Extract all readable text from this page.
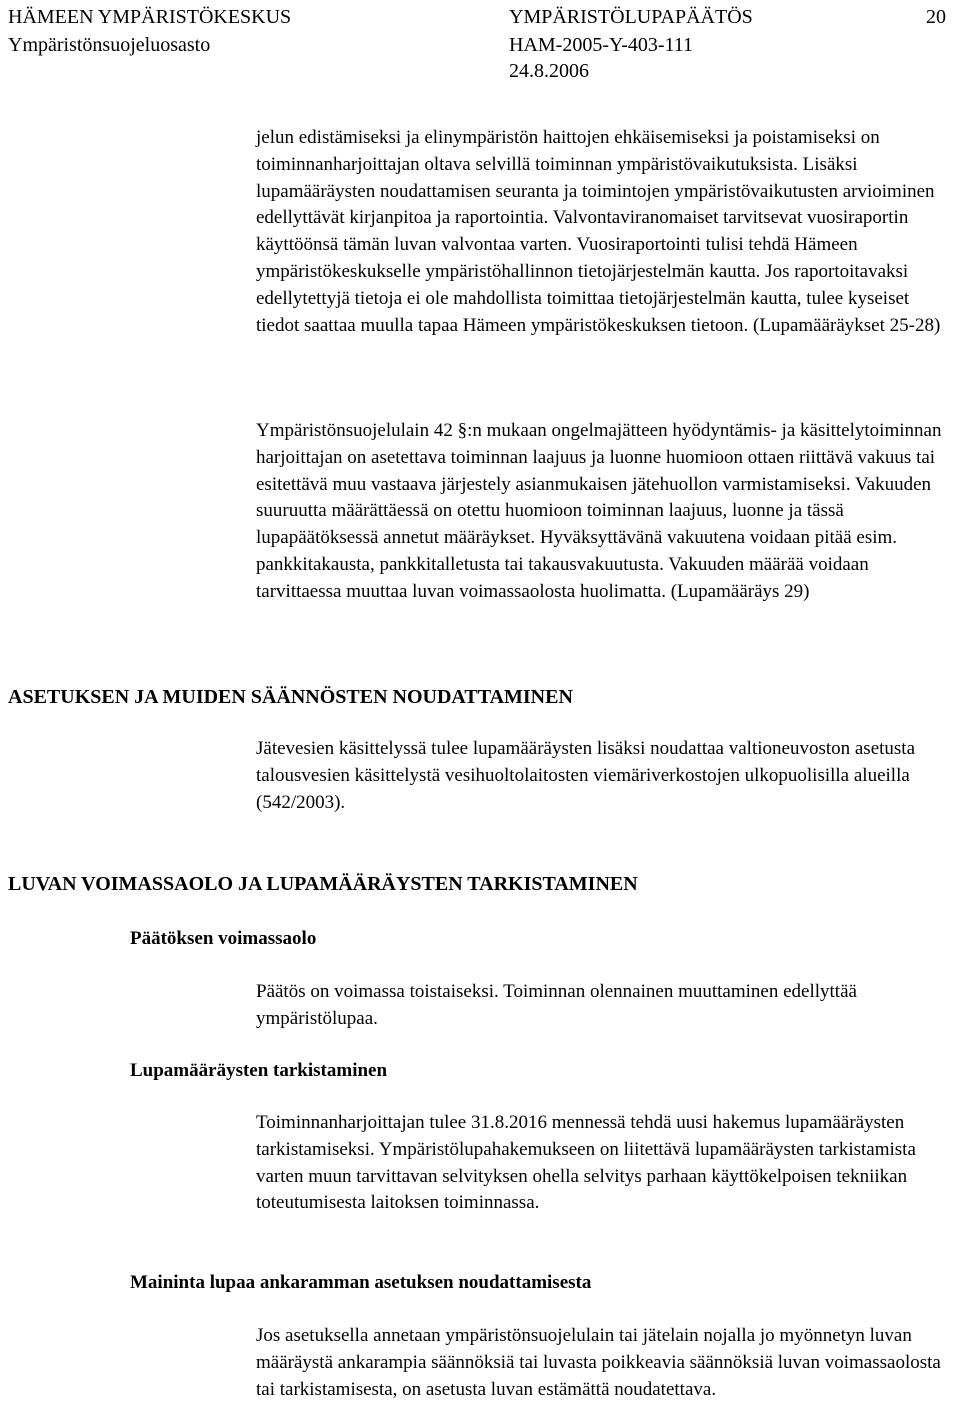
HÄMEEN YMPÄRISTÖKESKUS
Ympäristönsuojeluosasto
YMPÄRISTÖLUPAPÄÄTÖS
HAM-2005-Y-403-111
24.8.2006
20

jelun edistämiseksi ja elinympäristön haittojen ehkäisemiseksi ja poistamiseksi on toiminnanharjoittajan oltava selvillä toiminnan ympäristövaikutuksista. Lisäksi lupamääräysten noudattamisen seuranta ja toimintojen ympäristövaikutusten arvioiminen edellyttävät kirjanpitoa ja raportointia. Valvontaviranomaiset tarvitsevat vuosiraportin käyttöönsä tämän luvan valvontaa varten. Vuosiraportointi tulisi tehdä Hämeen ympäristökeskukselle ympäristöhallinnon tietojärjestelmän kautta. Jos raportoitavaksi edellytettyjä tietoja ei ole mahdollista toimittaa tietojärjestelmän kautta, tulee kyseiset tiedot saattaa muulla tapaa Hämeen ympäristökeskuksen tietoon. (Lupamääräykset 25-28)

Ympäristönsuojelulain 42 §:n mukaan ongelmajätteen hyödyntämis- ja käsittelytoiminnan harjoittajan on asetettava toiminnan laajuus ja luonne huomioon ottaen riittävä vakuus tai esitettävä muu vastaava järjestely asianmukaisen jätehuollon varmistamiseksi. Vakuuden suuruutta määrättäessä on otettu huomioon toiminnan laajuus, luonne ja tässä lupapäätöksessä annetut määräykset. Hyväksyttävänä vakuutena voidaan pitää esim. pankkitakausta, pankkitalletusta tai takausvakuutusta. Vakuuden määrää voidaan tarvittaessa muuttaa luvan voimassaolosta huolimatta. (Lupamääräys 29)

ASETUKSEN JA MUIDEN SÄÄNNÖSTEN NOUDATTAMINEN

Jätevesien käsittelyssä tulee lupamääräysten lisäksi noudattaa valtioneuvoston asetusta talousvesien käsittelystä vesihuoltolaitosten viemäriverkostojen ulkopuolisilla alueilla (542/2003).

LUVAN VOIMASSAOLO JA LUPAMÄÄRÄYSTEN TARKISTAMINEN
Päätöksen voimassaolo

Päätös on voimassa toistaiseksi. Toiminnan olennainen muuttaminen edellyttää ympäristölupaa.

Lupamääräysten tarkistaminen

Toiminnanharjoittajan tulee 31.8.2016 mennessä tehdä uusi hakemus lupamääräysten tarkistamiseksi. Ympäristölupahakemukseen on liitettävä lupamääräysten tarkistamista varten muun tarvittavan selvityksen ohella selvitys parhaan käyttökelpoisen tekniikan toteutumisesta laitoksen toiminnassa.

Maininta lupaa ankaramman asetuksen noudattamisesta

Jos asetuksella annetaan ympäristönsuojelulain tai jätelain nojalla jo myönnetyn luvan määräystä ankarampia säännöksiä tai luvasta poikkeavia säännöksiä luvan voimassaolosta tai tarkistamisesta, on asetusta luvan estämättä noudatettava.
